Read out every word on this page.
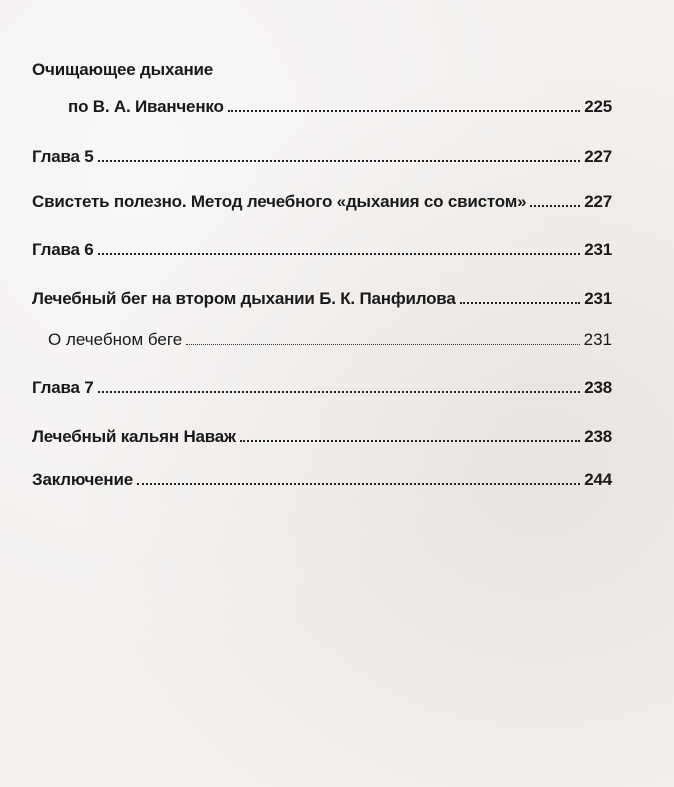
Очищающее дыхание
по В. А. Иванченко	225
Глава 5	227
Свистеть полезно. Метод лечебного «дыхания со свистом»	227
Глава 6	231
Лечебный бег на втором дыхании Б. К. Панфилова	231
О лечебном беге	231
Глава 7	238
Лечебный кальян Наваж	238
Заключение	244
